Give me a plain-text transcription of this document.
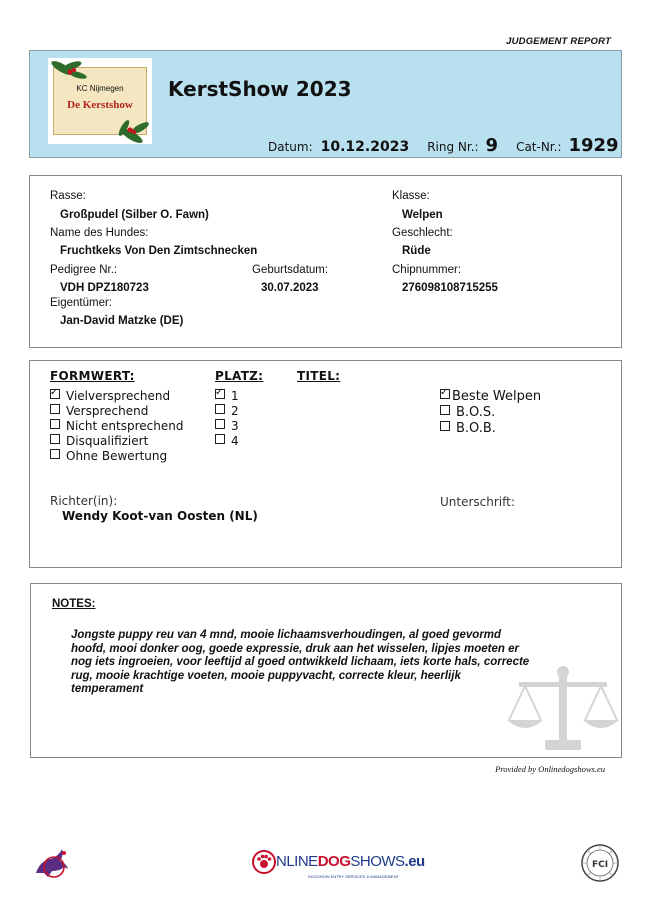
JUDGEMENT REPORT
KC Nijmegen
De Kerstshow
KerstShow 2023
Datum: 10.12.2023 Ring Nr.: 9 Cat-Nr.: 1929
Rasse:
Großpudel (Silber O. Fawn)
Name des Hundes:
Fruchtkeks Von Den Zimtschnecken
Pedigree Nr.:
VDH DPZ180723
Geburtsdatum:
30.07.2023
Eigentümer:
Jan-David Matzke (DE)
Klasse:
Welpen
Geschlecht:
Rüde
Chipnummer:
276098108715255
FORMWERT:	PLATZ:	TITEL:
✓Vielversprechend
Versprechend
Nicht entsprechend
Disqualifiziert
Ohne Bewertung
✓1
2
3
4
✓Beste Welpen
B.O.S.
B.O.B.
Richter(in):
Wendy Koot-van Oosten (NL)
Unterschrift:
NOTES:
Jongste puppy reu van 4 mnd, mooie lichaamsverhoudingen, al goed gevormd
hoofd, mooi donker oog, goede expressie, druk aan het wisselen, lipjes moeten er
nog iets ingroeien, voor leeftijd al goed ontwikkeld lichaam, iets korte hals, correcte
rug, mooie krachtige voeten, mooie puppyvacht, correcte kleur, heerlijk
temperament
Provided by Onlinedogshows.eu
NLINEDOGSHOWS.eu
DOGSHOW ENTRY SERVICES & MANAGEMENT
FCI
